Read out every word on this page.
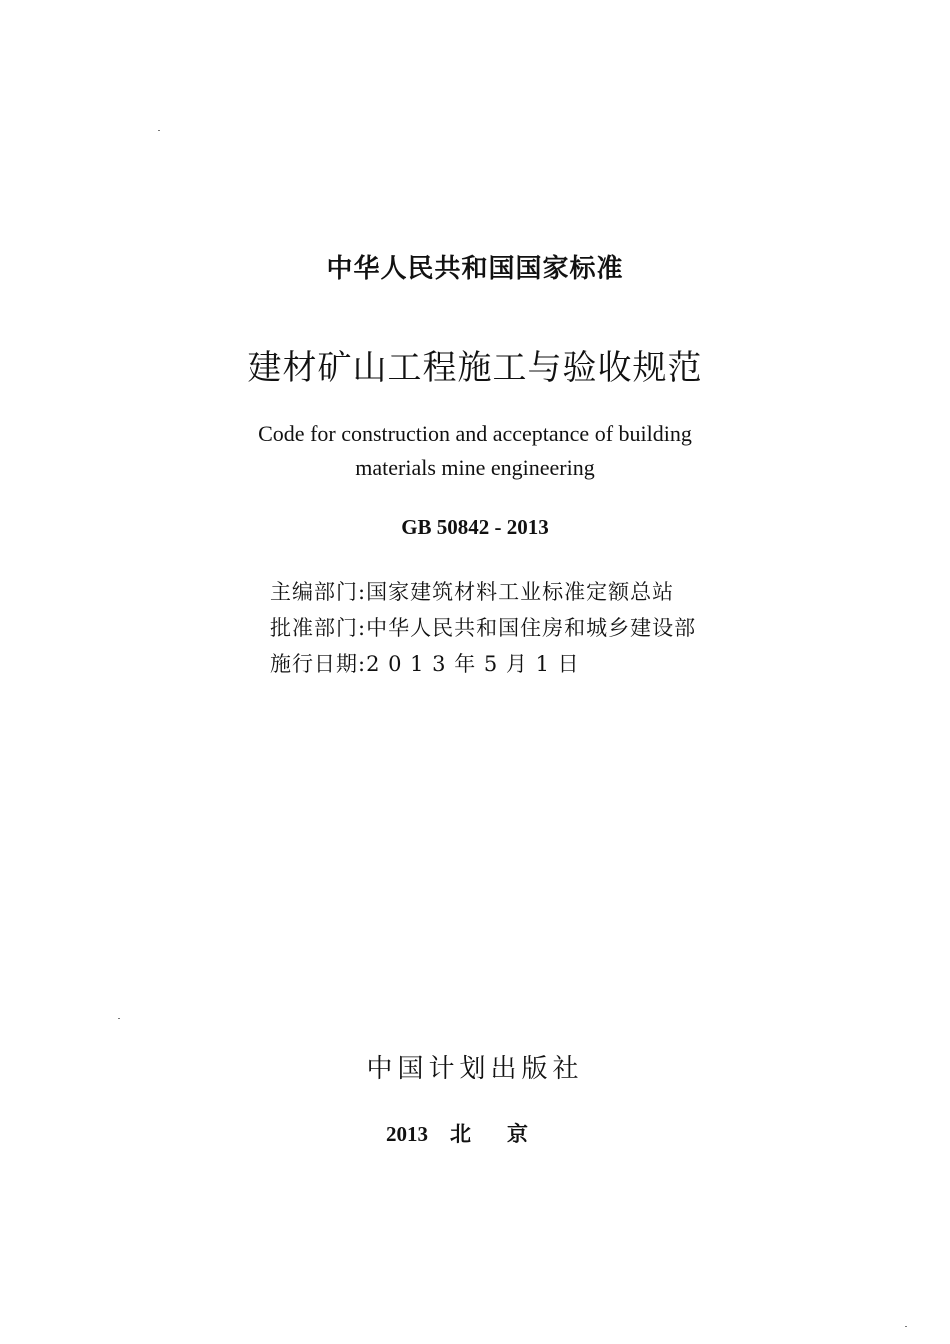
中华人民共和国国家标准
建材矿山工程施工与验收规范
Code for construction and acceptance of building
materials mine engineering
GB 50842 - 2013
主编部门:国家建筑材料工业标准定额总站
批准部门:中华人民共和国住房和城乡建设部
施行日期:2 0 1 3 年 5 月 1 日
中国计划出版社
2013 北京
